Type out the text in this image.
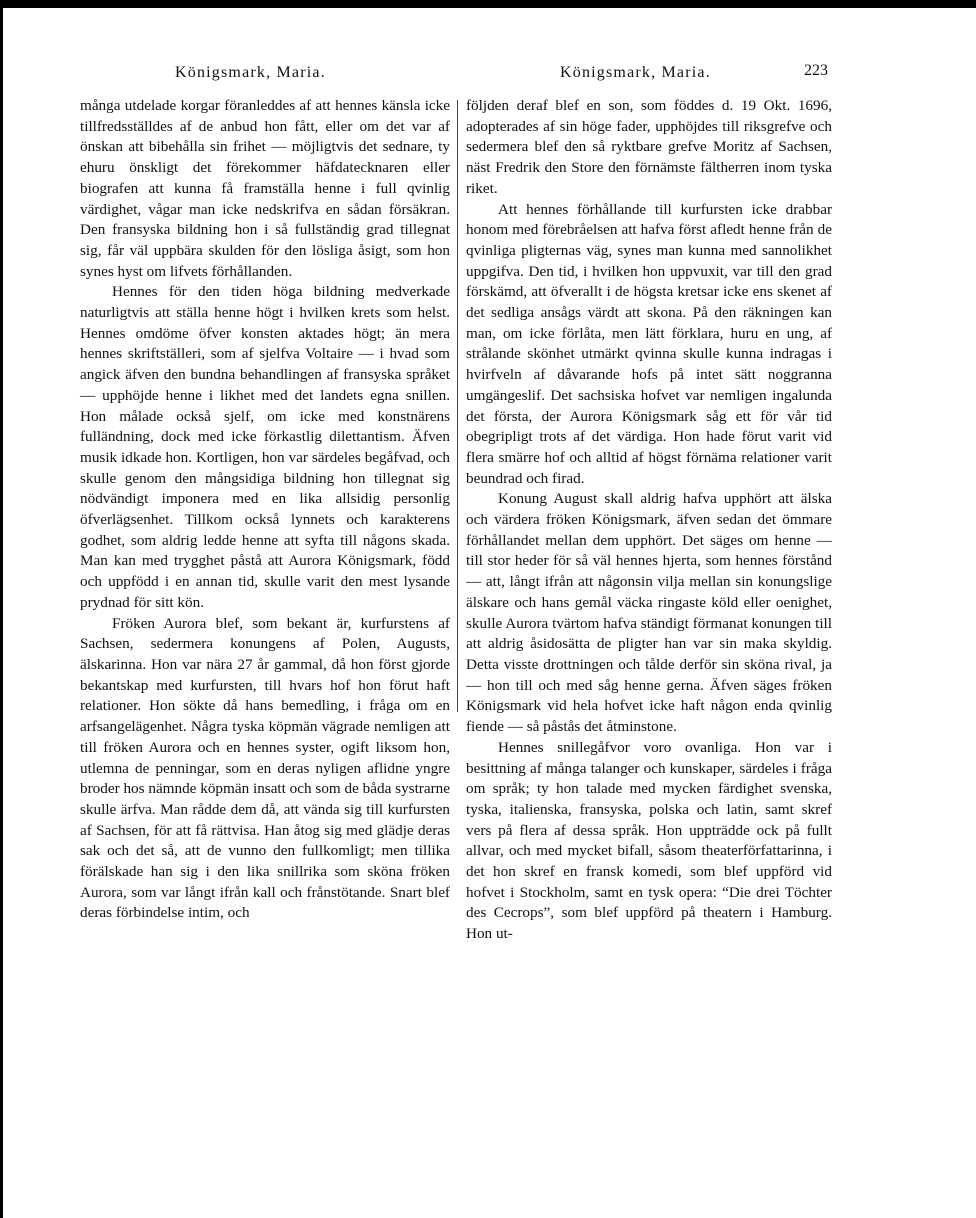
Königsmark, Maria.	Königsmark, Maria.	223

många utdelade korgar föranleddes af att hennes känsla icke tillfredsställdes af de anbud hon fått, eller om det var af önskan att bibehålla sin frihet — möjligtvis det sednare, ty ehuru önskligt det förekommer häfdatecknaren eller biografen att kunna få framställa henne i full qvinlig värdighet, vågar man icke nedskrifva en sådan försäkran. Den fransyska bildning hon i så fullständig grad tillegnat sig, får väl uppbära skulden för den lösliga åsigt, som hon synes hyst om lifvets förhållanden.

Hennes för den tiden höga bildning medverkade naturligtvis att ställa henne högt i hvilken krets som helst. Hennes omdöme öfver konsten aktades högt; än mera hennes skriftställeri, som af sjelfva Voltaire — i hvad som angick äfven den bundna behandlingen af fransyska språket — upphöjde henne i likhet med det landets egna snillen. Hon målade också sjelf, om icke med konstnärens fulländning, dock med icke förkastlig dilettantism. Äfven musik idkade hon. Kortligen, hon var särdeles begåfvad, och skulle genom den mångsidiga bildning hon tillegnat sig nödvändigt imponera med en lika allsidig personlig öfverlägsenhet. Tillkom också lynnets och karakterens godhet, som aldrig ledde henne att syfta till någons skada. Man kan med trygghet påstå att Aurora Königsmark, född och uppfödd i en annan tid, skulle varit den mest lysande prydnad för sitt kön.

Fröken Aurora blef, som bekant är, kurfurstens af Sachsen, sedermera konungens af Polen, Augusts, älskarinna. Hon var nära 27 år gammal, då hon först gjorde bekantskap med kurfursten, till hvars hof hon förut haft relationer. Hon sökte då hans bemedling, i fråga om en arfsangelägenhet. Några tyska köpmän vägrade nemligen att till fröken Aurora och en hennes syster, ogift liksom hon, utlemna de penningar, som en deras nyligen aflidne yngre broder hos nämnde köpmän insatt och som de båda systrarne skulle ärfva. Man rådde dem då, att vända sig till kurfursten af Sachsen, för att få rättvisa. Han åtog sig med glädje deras sak och det så, att de vunno den fullkomligt; men tillika förälskade han sig i den lika snillrika som sköna fröken Aurora, som var långt ifrån kall och frånstötande. Snart blef deras förbindelse intim, och

följden deraf blef en son, som föddes d. 19 Okt. 1696, adopterades af sin höge fader, upphöjdes till riksgrefve och sedermera blef den så ryktbare grefve Moritz af Sachsen, näst Fredrik den Store den förnämste fältherren inom tyska riket.

Att hennes förhållande till kurfursten icke drabbar honom med förebråelsen att hafva först afledt henne från de qvinliga pligternas väg, synes man kunna med sannolikhet uppgifva. Den tid, i hvilken hon uppvuxit, var till den grad förskämd, att öfverallt i de högsta kretsar icke ens skenet af det sedliga ansågs värdt att skona. På den räkningen kan man, om icke förlåta, men lätt förklara, huru en ung, af strålande skönhet utmärkt qvinna skulle kunna indragas i hvirfveln af dåvarande hofs på intet sätt noggranna umgängeslif. Det sachsiska hofvet var nemligen ingalunda det första, der Aurora Königsmark såg ett för vår tid obegripligt trots af det värdiga. Hon hade förut varit vid flera smärre hof och alltid af högst förnäma relationer varit beundrad och firad.

Konung August skall aldrig hafva upphört att älska och värdera fröken Königsmark, äfven sedan det ömmare förhållandet mellan dem upphört. Det säges om henne — till stor heder för så väl hennes hjerta, som hennes förstånd — att, långt ifrån att någonsin vilja mellan sin konungslige älskare och hans gemål väcka ringaste köld eller oenighet, skulle Aurora tvärtom hafva ständigt förmanat konungen till att aldrig åsidosätta de pligter han var sin maka skyldig. Detta visste drottningen och tålde derför sin sköna rival, ja — hon till och med såg henne gerna. Äfven säges fröken Königsmark vid hela hofvet icke haft någon enda qvinlig fiende — så påstås det åtminstone.

Hennes snillegåfvor voro ovanliga. Hon var i besittning af många talanger och kunskaper, särdeles i fråga om språk; ty hon talade med mycken färdighet svenska, tyska, italienska, fransyska, polska och latin, samt skref vers på flera af dessa språk. Hon uppträdde ock på fullt allvar, och med mycket bifall, såsom theaterförfattarinna, i det hon skref en fransk komedi, som blef uppförd vid hofvet i Stockholm, samt en tysk opera: “Die drei Töchter des Cecrops”, som blef uppförd på theatern i Hamburg. Hon ut-
